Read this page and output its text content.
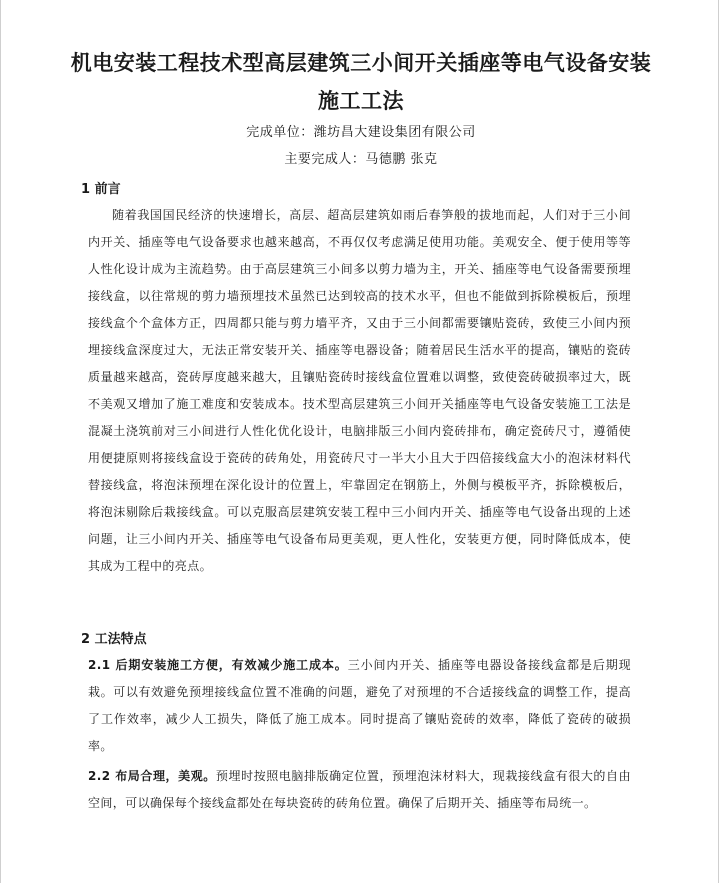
机电安装工程技术型高层建筑三小间开关插座等电气设备安装施工工法
完成单位：潍坊昌大建设集团有限公司
主要完成人：马德鹏 张克
1 前言

随着我国国民经济的快速增长，高层、超高层建筑如雨后春笋般的拔地而起，人们对于三小间内开关、插座等电气设备要求也越来越高，不再仅仅考虑满足使用功能。美观安全、便于使用等等人性化设计成为主流趋势。由于高层建筑三小间多以剪力墙为主，开关、插座等电气设备需要预埋接线盒，以往常规的剪力墙预埋技术虽然已达到较高的技术水平，但也不能做到拆除模板后，预埋接线盒个个盒体方正，四周都只能与剪力墙平齐，又由于三小间都需要镶贴瓷砖，致使三小间内预埋接线盒深度过大，无法正常安装开关、插座等电器设备；随着居民生活水平的提高，镶贴的瓷砖质量越来越高，瓷砖厚度越来越大，且镶贴瓷砖时接线盒位置难以调整，致使瓷砖破损率过大，既不美观又增加了施工难度和安装成本。技术型高层建筑三小间开关插座等电气设备安装施工工法是混凝土浇筑前对三小间进行人性化优化设计，电脑排版三小间内瓷砖排布，确定瓷砖尺寸，遵循使用便捷原则将接线盒设于瓷砖的砖角处，用瓷砖尺寸一半大小且大于四倍接线盒大小的泡沫材料代替接线盒，将泡沫预埋在深化设计的位置上，牢靠固定在钢筋上，外侧与模板平齐，拆除模板后，将泡沫剔除后栽接线盒。可以克服高层建筑安装工程中三小间内开关、插座等电气设备出现的上述问题，让三小间内开关、插座等电气设备布局更美观，更人性化，安装更方便，同时降低成本，使其成为工程中的亮点。

2 工法特点

2.1 后期安装施工方便，有效减少施工成本。三小间内开关、插座等电器设备接线盒都是后期现栽。可以有效避免预埋接线盒位置不准确的问题，避免了对预埋的不合适接线盒的调整工作，提高了工作效率，减少人工损失，降低了施工成本。同时提高了镶贴瓷砖的效率，降低了瓷砖的破损率。

2.2 布局合理，美观。预埋时按照电脑排版确定位置，预埋泡沫材料大，现栽接线盒有很大的自由空间，可以确保每个接线盒都处在每块瓷砖的砖角位置。确保了后期开关、插座等布局统一。
